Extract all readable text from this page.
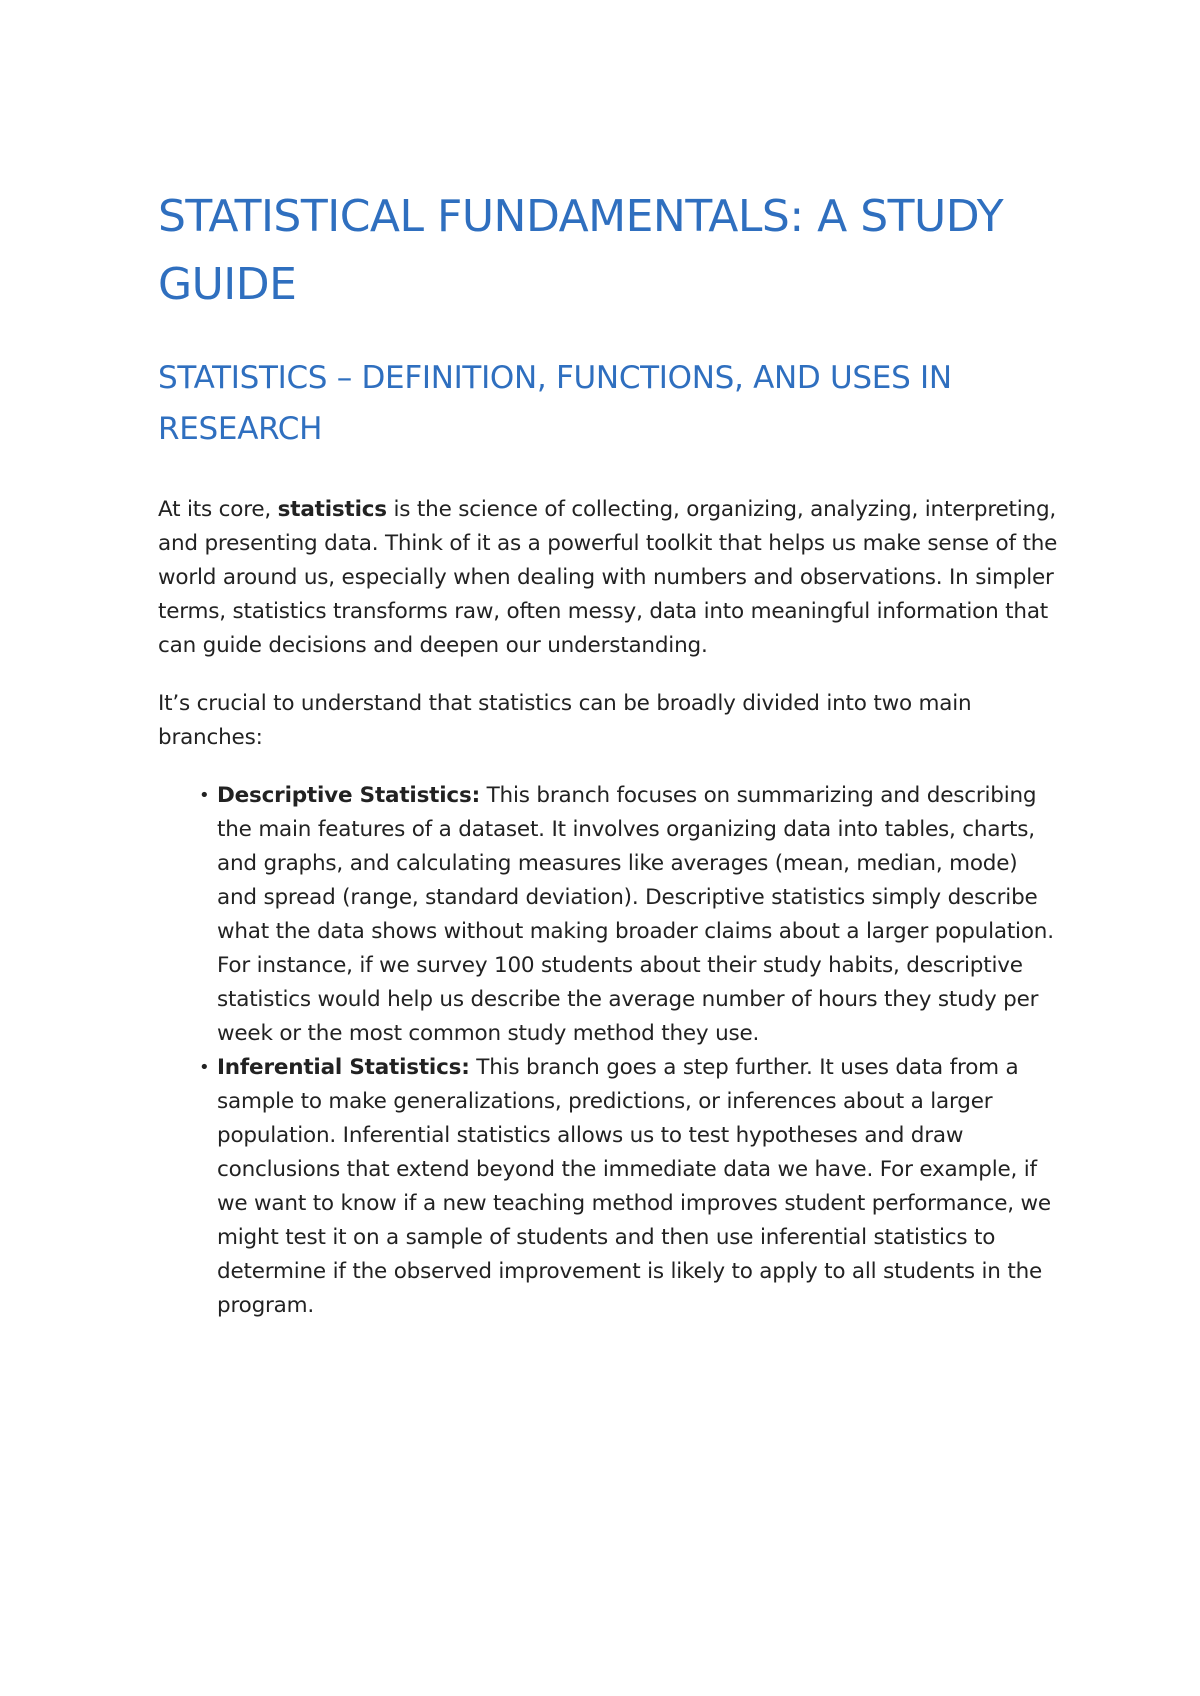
STATISTICAL FUNDAMENTALS: A STUDY GUIDE
STATISTICS – DEFINITION, FUNCTIONS, AND USES IN RESEARCH

At its core, statistics is the science of collecting, organizing, analyzing, interpreting, and presenting data. Think of it as a powerful toolkit that helps us make sense of the world around us, especially when dealing with numbers and observations. In simpler terms, statistics transforms raw, often messy, data into meaningful information that can guide decisions and deepen our understanding.

It’s crucial to understand that statistics can be broadly divided into two main branches:

• Descriptive Statistics: This branch focuses on summarizing and describing the main features of a dataset. It involves organizing data into tables, charts, and graphs, and calculating measures like averages (mean, median, mode) and spread (range, standard deviation). Descriptive statistics simply describe what the data shows without making broader claims about a larger population. For instance, if we survey 100 students about their study habits, descriptive statistics would help us describe the average number of hours they study per week or the most common study method they use.
• Inferential Statistics: This branch goes a step further. It uses data from a sample to make generalizations, predictions, or inferences about a larger population. Inferential statistics allows us to test hypotheses and draw conclusions that extend beyond the immediate data we have. For example, if we want to know if a new teaching method improves student performance, we might test it on a sample of students and then use inferential statistics to determine if the observed improvement is likely to apply to all students in the program.
